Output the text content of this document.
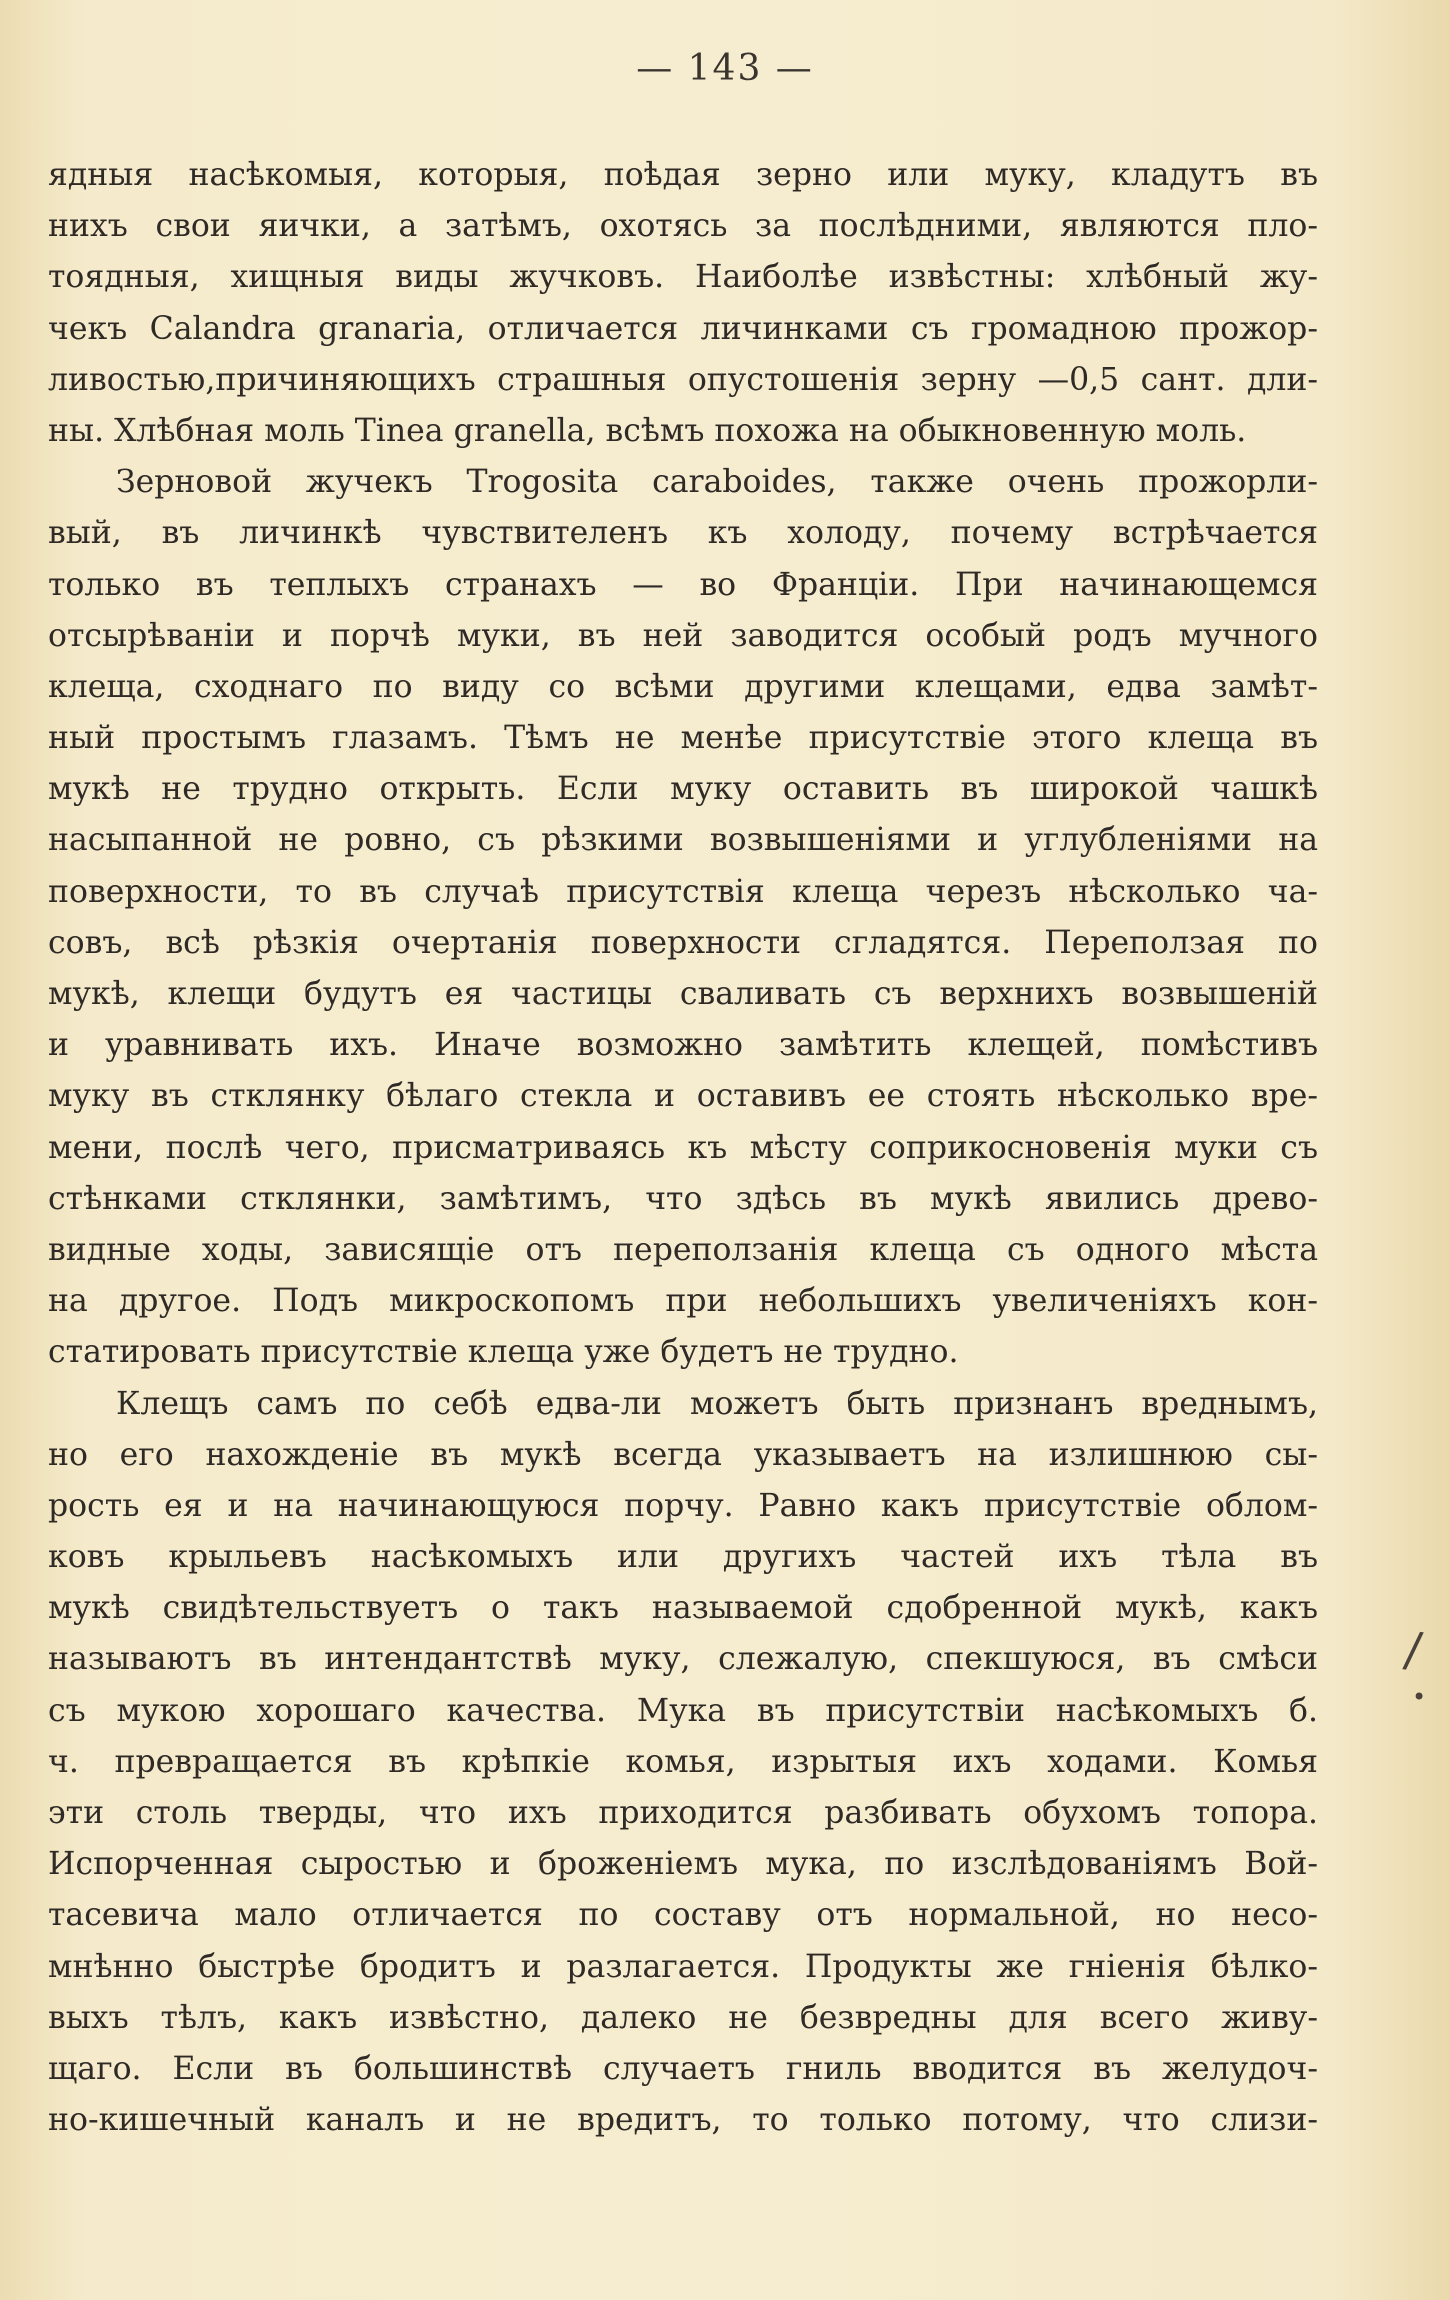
— 143 —
ядныя насѣкомыя, которыя, поѣдая зерно или муку, кладутъ въ
нихъ свои яички, а затѣмъ, охотясь за послѣдними, являются пло-
тоядныя, хищныя виды жучковъ. Наиболѣе извѣстны: хлѣбный жу-
чекъ Calandra granaria, отличается личинками съ громадною прожор-
ливостью,причиняющихъ страшныя опустошенія зерну —0,5 сант. дли-
ны. Хлѣбная моль Tinea granella, всѣмъ похожа на обыкновенную моль.
Зерновой жучекъ Trogosita caraboides, также очень прожорли-
вый, въ личинкѣ чувствителенъ къ холоду, почему встрѣчается
только въ теплыхъ странахъ — во Франціи. При начинающемся
отсырѣваніи и порчѣ муки, въ ней заводится особый родъ мучного
клеща, сходнаго по виду со всѣми другими клещами, едва замѣт-
ный простымъ глазамъ. Тѣмъ не менѣе присутствіе этого клеща въ
мукѣ не трудно открыть. Если муку оставить въ широкой чашкѣ
насыпанной не ровно, съ рѣзкими возвышеніями и углубленіями на
поверхности, то въ случаѣ присутствія клеща черезъ нѣсколько ча-
совъ, всѣ рѣзкія очертанія поверхности сгладятся. Переползая по
мукѣ, клещи будутъ ея частицы сваливать съ верхнихъ возвышеній
и уравнивать ихъ. Иначе возможно замѣтить клещей, помѣстивъ
муку въ стклянку бѣлаго стекла и оставивъ ее стоять нѣсколько вре-
мени, послѣ чего, присматриваясь къ мѣсту соприкосновенія муки съ
стѣнками стклянки, замѣтимъ, что здѣсь въ мукѣ явились древо-
видные ходы, зависящіе отъ переползанія клеща съ одного мѣста
на другое. Подъ микроскопомъ при небольшихъ увеличеніяхъ кон-
статировать присутствіе клеща уже будетъ не трудно.
Клещъ самъ по себѣ едва-ли можетъ быть признанъ вреднымъ,
но его нахожденіе въ мукѣ всегда указываетъ на излишнюю сы-
рость ея и на начинающуюся порчу. Равно какъ присутствіе облом-
ковъ крыльевъ насѣкомыхъ или другихъ частей ихъ тѣла въ
мукѣ свидѣтельствуетъ о такъ называемой сдобренной мукѣ, какъ
называютъ въ интендантствѣ муку, слежалую, спекшуюся, въ смѣси
съ мукою хорошаго качества. Мука въ присутствіи насѣкомыхъ б.
ч. превращается въ крѣпкіе комья, изрытыя ихъ ходами. Комья
эти столь тверды, что ихъ приходится разбивать обухомъ топора.
Испорченная сыростью и броженіемъ мука, по изслѣдованіямъ Вой-
тасевича мало отличается по составу отъ нормальной, но несо-
мнѣнно быстрѣе бродитъ и разлагается. Продукты же гніенія бѣлко-
выхъ тѣлъ, какъ извѣстно, далеко не безвредны для всего живу-
щаго. Если въ большинствѣ случаетъ гниль вводится въ желудоч-
но-кишечный каналъ и не вредитъ, то только потому, что слизи-
/
•
